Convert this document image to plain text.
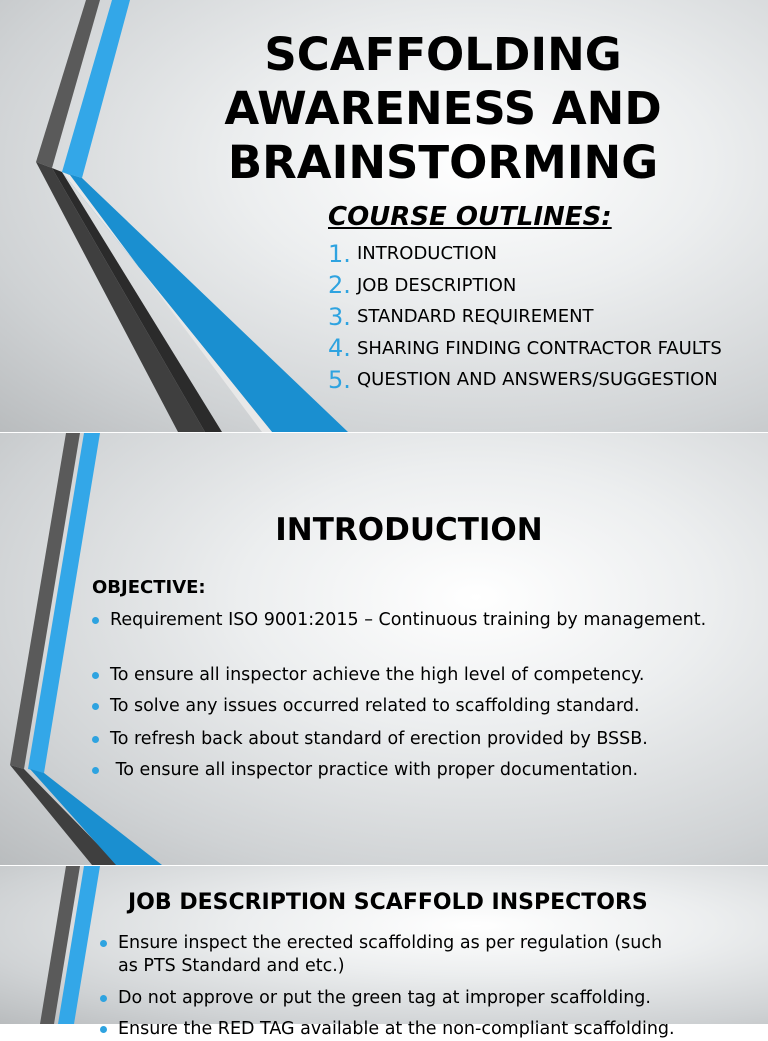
SCAFFOLDING
AWARENESS AND
BRAINSTORMING
COURSE OUTLINES:
1. INTRODUCTION
2. JOB DESCRIPTION
3. STANDARD REQUIREMENT
4. SHARING FINDING CONTRACTOR FAULTS
5. QUESTION AND ANSWERS/SUGGESTION
INTRODUCTION
OBJECTIVE:
Requirement ISO 9001:2015 – Continuous training by management.
To ensure all inspector achieve the high level of competency.
To solve any issues occurred related to scaffolding standard.
To refresh back about standard of erection provided by BSSB.
To ensure all inspector practice with proper documentation.
JOB DESCRIPTION SCAFFOLD INSPECTORS
Ensure inspect the erected scaffolding as per regulation (such
as PTS Standard and etc.)
Do not approve or put the green tag at improper scaffolding.
Ensure the RED TAG available at the non-compliant scaffolding.
